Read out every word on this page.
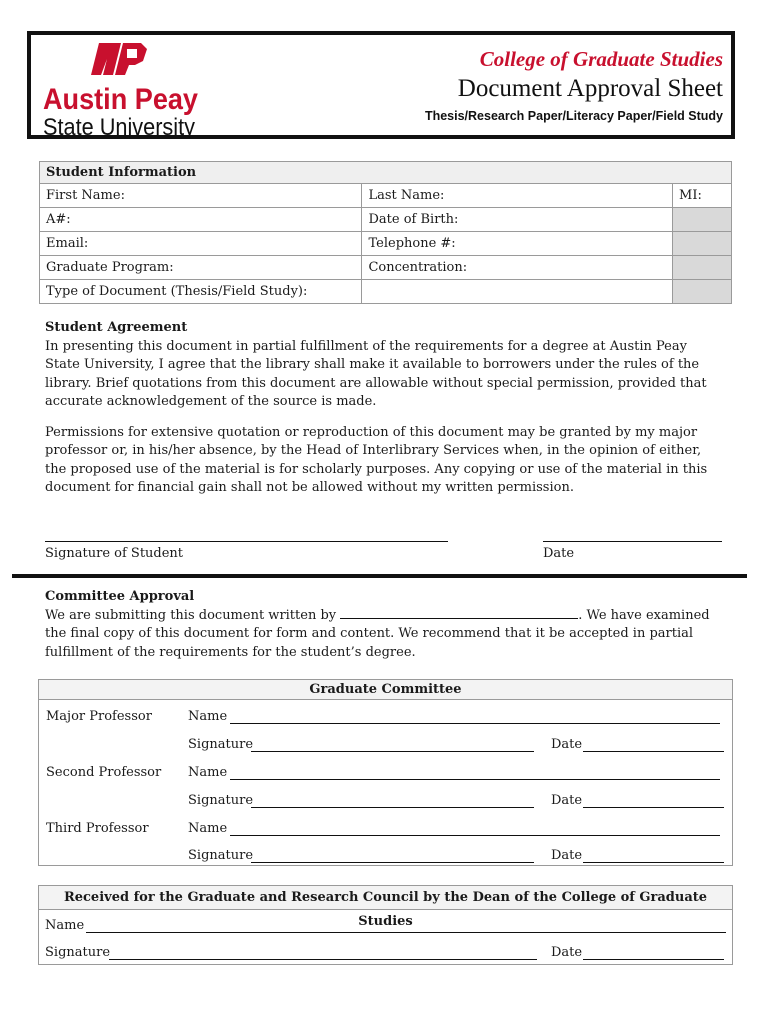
Austin Peay
State University
College of Graduate Studies
Document Approval Sheet
Thesis/Research Paper/Literacy Paper/Field Study
Student Information		
First Name:	Last Name:	MI:
A#:	Date of Birth:	
Email:	Telephone #:	
Graduate Program:	Concentration:	
Type of Document (Thesis/Field Study):		
Student Agreement
In presenting this document in partial fulfillment of the requirements for a degree at Austin Peay State University, I agree that the library shall make it available to borrowers under the rules of the library. Brief quotations from this document are allowable without special permission, provided that accurate acknowledgement of the source is made.
Permissions for extensive quotation or reproduction of this document may be granted by my major professor or, in his/her absence, by the Head of Interlibrary Services when, in the opinion of either, the proposed use of the material is for scholarly purposes. Any copying or use of the material in this document for financial gain shall not be allowed without my written permission.
Signature of Student	Date
Committee Approval
We are submitting this document written by	. We have examined the final copy of this document for form and content. We recommend that it be accepted in partial fulfillment of the requirements for the student’s degree.
Graduate Committee
Major Professor	Name
Signature	Date
Second Professor Name
Signature	Date
Third Professor	Name
Signature	Date
Received for the Graduate and Research Council by the Dean of the College of Graduate Studies
Name
Signature	Date
